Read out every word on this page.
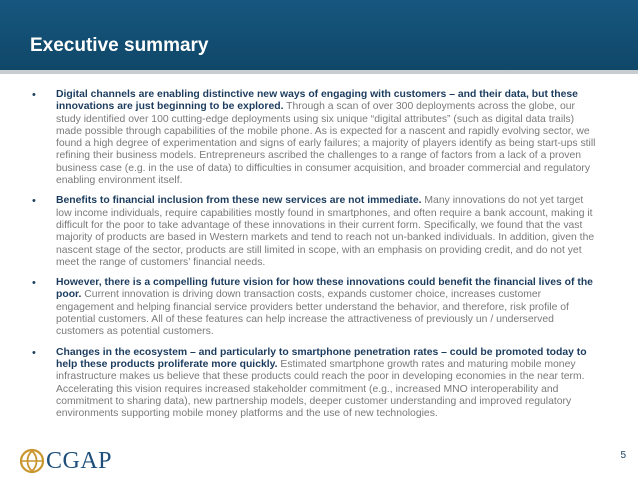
Executive summary
• Digital channels are enabling distinctive new ways of engaging with customers – and their data, but these innovations are just beginning to be explored. Through a scan of over 300 deployments across the globe, our study identified over 100 cutting-edge deployments using six unique “digital attributes” (such as digital data trails) made possible through capabilities of the mobile phone. As is expected for a nascent and rapidly evolving sector, we found a high degree of experimentation and signs of early failures; a majority of players identify as being start-ups still refining their business models. Entrepreneurs ascribed the challenges to a range of factors from a lack of a proven business case (e.g. in the use of data) to difficulties in consumer acquisition, and broader commercial and regulatory enabling environment itself.
• Benefits to financial inclusion from these new services are not immediate. Many innovations do not yet target low income individuals, require capabilities mostly found in smartphones, and often require a bank account, making it difficult for the poor to take advantage of these innovations in their current form. Specifically, we found that the vast majority of products are based in Western markets and tend to reach not un-banked individuals. In addition, given the nascent stage of the sector, products are still limited in scope, with an emphasis on providing credit, and do not yet meet the range of customers’ financial needs.
• However, there is a compelling future vision for how these innovations could benefit the financial lives of the poor. Current innovation is driving down transaction costs, expands customer choice, increases customer engagement and helping financial service providers better understand the behavior, and therefore, risk profile of potential customers. All of these features can help increase the attractiveness of previously un / underserved customers as potential customers.
• Changes in the ecosystem – and particularly to smartphone penetration rates – could be promoted today to help these products proliferate more quickly. Estimated smartphone growth rates and maturing mobile money infrastructure makes us believe that these products could reach the poor in developing economies in the near term. Accelerating this vision requires increased stakeholder commitment (e.g., increased MNO interoperability and commitment to sharing data), new partnership models, deeper customer understanding and improved regulatory environments supporting mobile money platforms and the use of new technologies.
CGAP	5
